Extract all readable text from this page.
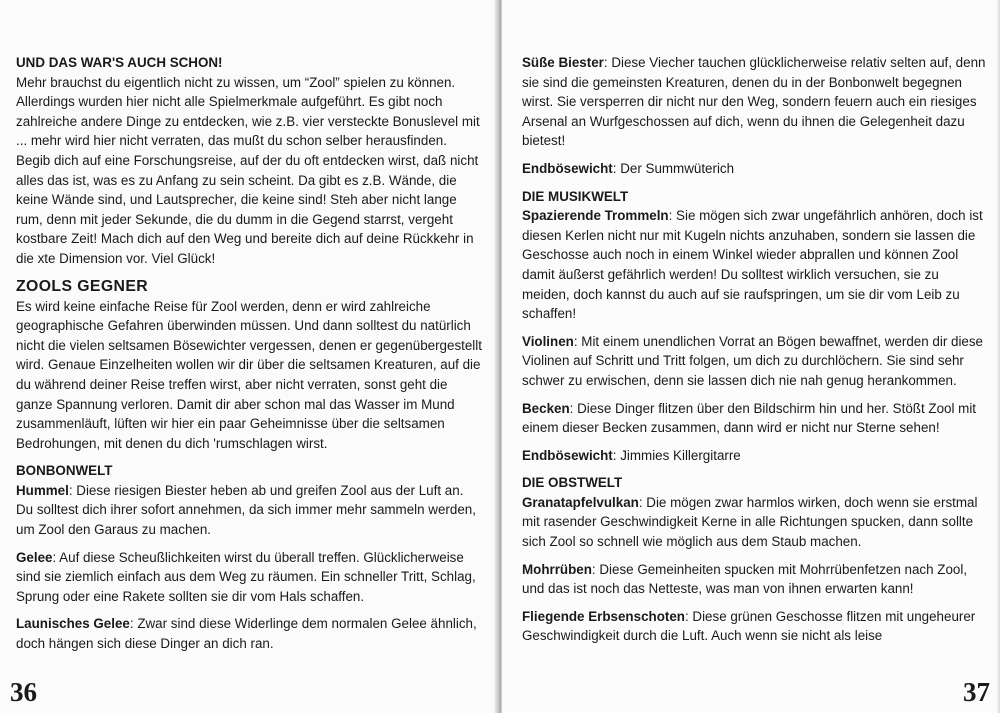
UND DAS WAR'S AUCH SCHON!

Mehr brauchst du eigentlich nicht zu wissen, um “Zool” spielen zu können. Allerdings wurden hier nicht alle Spielmerkmale aufgeführt. Es gibt noch zahlreiche andere Dinge zu entdecken, wie z.B. vier versteckte Bonuslevel mit ... mehr wird hier nicht verraten, das mußt du schon selber herausfinden. Begib dich auf eine Forschungsreise, auf der du oft entdecken wirst, daß nicht alles das ist, was es zu Anfang zu sein scheint. Da gibt es z.B. Wände, die keine Wände sind, und Lautsprecher, die keine sind! Steh aber nicht lange rum, denn mit jeder Sekunde, die du dumm in die Gegend starrst, vergeht kostbare Zeit! Mach dich auf den Weg und bereite dich auf deine Rückkehr in die xte Dimension vor. Viel Glück!

ZOOLS GEGNER

Es wird keine einfache Reise für Zool werden, denn er wird zahlreiche geographische Gefahren überwinden müssen. Und dann solltest du natürlich nicht die vielen seltsamen Bösewichter vergessen, denen er gegenübergestellt wird. Genaue Einzelheiten wollen wir dir über die seltsamen Kreaturen, auf die du während deiner Reise treffen wirst, aber nicht verraten, sonst geht die ganze Spannung verloren. Damit dir aber schon mal das Wasser im Mund zusammenläuft, lüften wir hier ein paar Geheimnisse über die seltsamen Bedrohungen, mit denen du dich 'rumschlagen wirst.

BONBONWELT

Hummel: Diese riesigen Biester heben ab und greifen Zool aus der Luft an. Du solltest dich ihrer sofort annehmen, da sich immer mehr sammeln werden, um Zool den Garaus zu machen.

Gelee: Auf diese Scheußlichkeiten wirst du überall treffen. Glücklicherweise sind sie ziemlich einfach aus dem Weg zu räumen. Ein schneller Tritt, Schlag, Sprung oder eine Rakete sollten sie dir vom Hals schaffen.

Launisches Gelee: Zwar sind diese Widerlinge dem normalen Gelee ähnlich, doch hängen sich diese Dinger an dich ran.

36

Süße Biester: Diese Viecher tauchen glücklicherweise relativ selten auf, denn sie sind die gemeinsten Kreaturen, denen du in der Bonbonwelt begegnen wirst. Sie versperren dir nicht nur den Weg, sondern feuern auch ein riesiges Arsenal an Wurfgeschossen auf dich, wenn du ihnen die Gelegenheit dazu bietest!

Endbösewicht: Der Summwüterich

DIE MUSIKWELT

Spazierende Trommeln: Sie mögen sich zwar ungefährlich anhören, doch ist diesen Kerlen nicht nur mit Kugeln nichts anzuhaben, sondern sie lassen die Geschosse auch noch in einem Winkel wieder abprallen und können Zool damit äußerst gefährlich werden! Du solltest wirklich versuchen, sie zu meiden, doch kannst du auch auf sie raufspringen, um sie dir vom Leib zu schaffen!

Violinen: Mit einem unendlichen Vorrat an Bögen bewaffnet, werden dir diese Violinen auf Schritt und Tritt folgen, um dich zu durchlöchern. Sie sind sehr schwer zu erwischen, denn sie lassen dich nie nah genug herankommen.

Becken: Diese Dinger flitzen über den Bildschirm hin und her. Stößt Zool mit einem dieser Becken zusammen, dann wird er nicht nur Sterne sehen!

Endbösewicht: Jimmies Killergitarre

DIE OBSTWELT

Granatapfelvulkan: Die mögen zwar harmlos wirken, doch wenn sie erstmal mit rasender Geschwindigkeit Kerne in alle Richtungen spucken, dann sollte sich Zool so schnell wie möglich aus dem Staub machen.

Mohrrüben: Diese Gemeinheiten spucken mit Mohrrübenfetzen nach Zool, und das ist noch das Netteste, was man von ihnen erwarten kann!

Fliegende Erbsenschoten: Diese grünen Geschosse flitzen mit ungeheurer Geschwindigkeit durch die Luft. Auch wenn sie nicht als leise

37
